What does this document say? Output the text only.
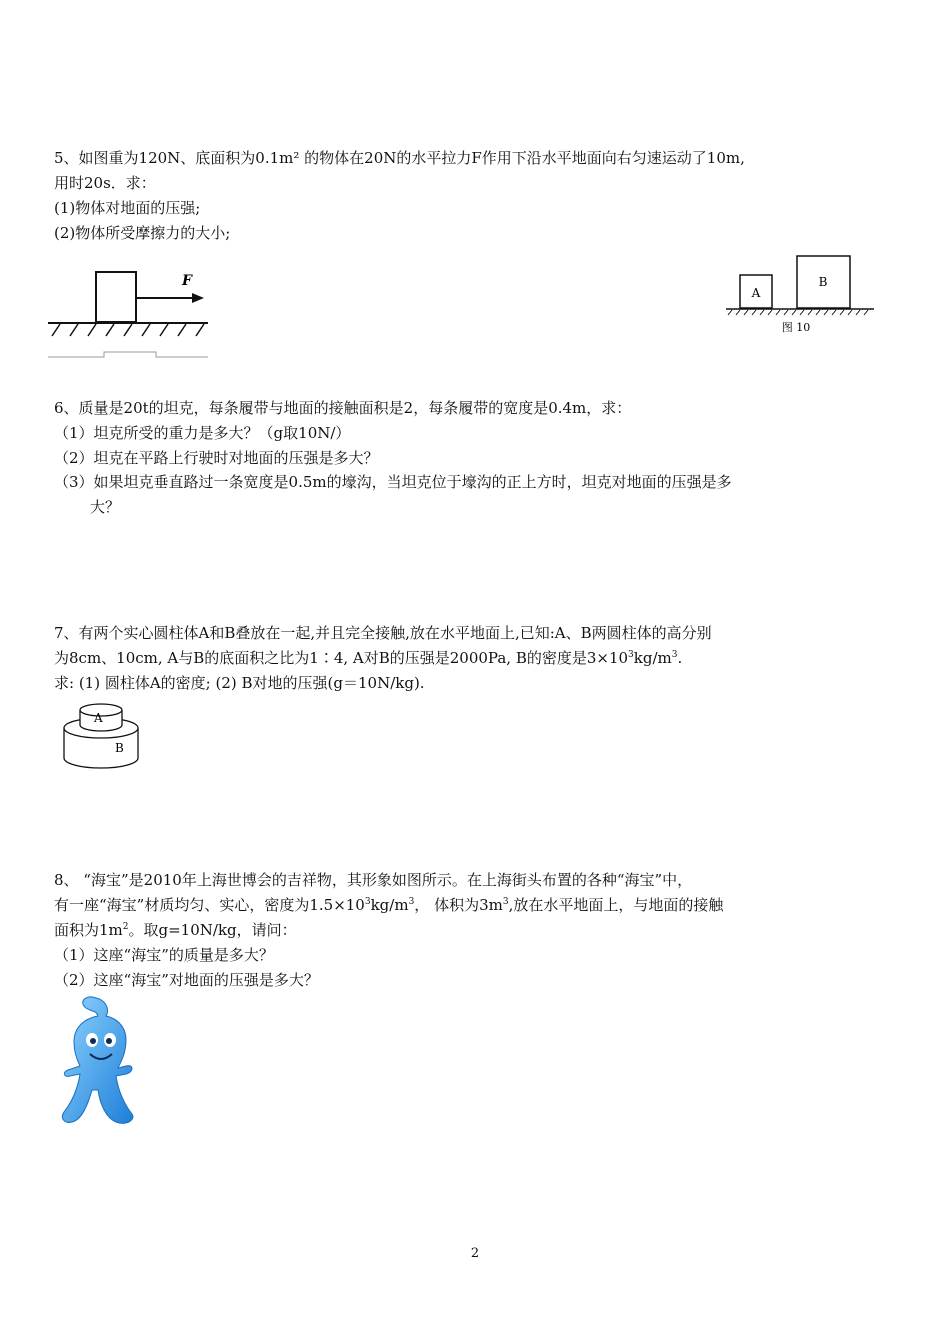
5、如图重为120N、底面积为0.1m² 的物体在20N的水平拉力F作用下沿水平地面向右匀速运动了10m,
用时20s．求：
(1)物体对地面的压强;
(2)物体所受摩擦力的大小;
F
A
B
图 10
6、质量是20t的坦克，每条履带与地面的接触面积是2，每条履带的宽度是0.4m，求：
（1）坦克所受的重力是多大？（g取10N/）
（2）坦克在平路上行驶时对地面的压强是多大？
（3）如果坦克垂直路过一条宽度是0.5m的壕沟，当坦克位于壕沟的正上方时，坦克对地面的压强是多
大？
7、有两个实心圆柱体A和B叠放在一起,并且完全接触,放在水平地面上,已知:A、B两圆柱体的高分别
为8cm、10cm, A与B的底面积之比为1∶4, A对B的压强是2000Pa, B的密度是$3\times 10^3kg/m^3$.
求: (1) 圆柱体A的密度; (2) B对地的压强(g＝10N/kg).
A
B
8、 “海宝”是2010年上海世博会的吉祥物，其形象如图所示。在上海街头布置的各种“海宝”中，
有一座“海宝”材质均匀、实心，密度为$1.5\times 10^3kg/m^3$， 体积为$3m^3$,放在水平地面上，与地面的接触
面积为$1m^2$。取g=10N/kg，请问：
（1）这座“海宝”的质量是多大？
（2）这座“海宝”对地面的压强是多大？
2
